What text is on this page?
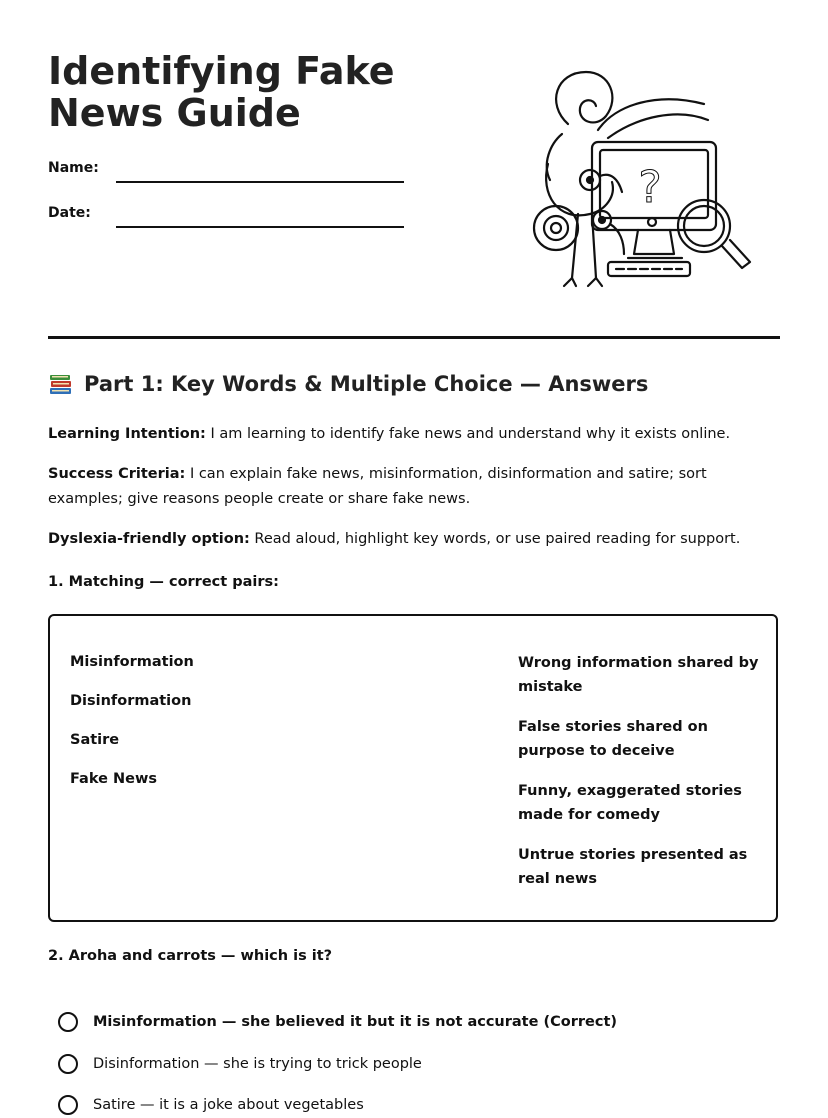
Identifying Fake News Guide
Name:
Date:	?
Part 1: Key Words & Multiple Choice — Answers

Learning Intention: I am learning to identify fake news and understand why it exists online.

Success Criteria: I can explain fake news, misinformation, disinformation and satire; sort examples; give reasons people create or share fake news.

Dyslexia-friendly option: Read aloud, highlight key words, or use paired reading for support.

1. Matching — correct pairs:

Misinformation
Disinformation
Satire
Fake News
Wrong information shared by mistake
False stories shared on purpose to deceive
Funny, exaggerated stories made for comedy
Untrue stories presented as real news

2. Aroha and carrots — which is it?

Misinformation — she believed it but it is not accurate (Correct)
Disinformation — she is trying to trick people
Satire — it is a joke about vegetables
